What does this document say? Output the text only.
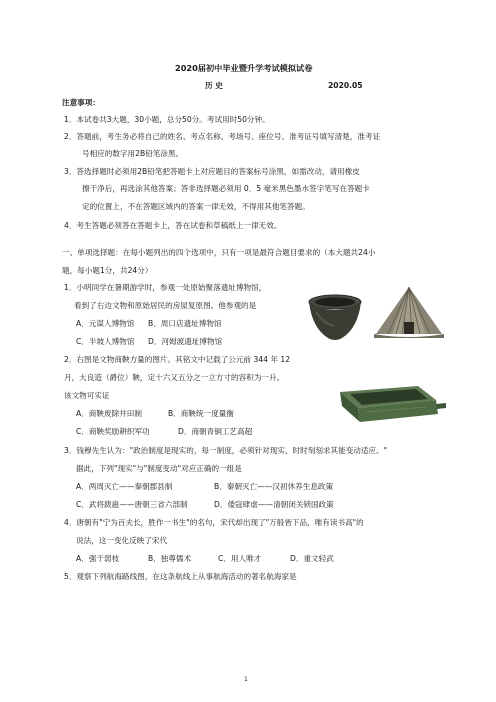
2020届初中毕业暨升学考试模拟试卷
历 史	2020.05
注意事项：
1．本试卷共3大题，30小题，总分50分。考试用时50分钟。
2．答题前，考生务必将自己的姓名、考点名称、考场号、座位号、准考证号填写清楚，准考证
号相应的数字用2B铅笔涂黑。
3．答选择题时必须用2B铅笔把答题卡上对应题目的答案标号涂黑，如需改动，请用橡皮
擦干净后，再选涂其他答案；答非选择题必须用 0．5 毫米黑色墨水签字笔写在答题卡
定的位置上，不在答题区域内的答案一律无效，不得用其他笔答题。
4．考生答题必须答在答题卡上，答在试卷和草稿纸上一律无效。
一、单项选择题：在每小题列出的四个选项中，只有一项是最符合题目要求的（本大题共24小
题，每小题1分，共24分）
1．小明同学在暑期游学时，参观一处原始聚落遗址博物馆，
看到了右边文物和原始居民的房屋复原图。他参观的是
A．元谋人博物馆 B．周口店遗址博物馆
C．半坡人博物馆 D．河姆渡遗址博物馆
2．右图是文物商鞅方量的图片。其铭文中记载了公元前 344 年 12
月，大良造（爵位）鞅，定十六又五分之一立方寸的容积为一升。
该文物可实证
A．商鞅废除井田制	B．商鞅统一度量衡
C．商鞅奖励耕织军功	D．商朝青铜工艺高超
3．钱穆先生认为："政治制度是现实的，每一制度，必须针对现实，时时刻刻求其能变动适应。"
据此，下列"现实"与"制度变动"对应正确的一组是
A．两周灭亡——秦朝郡县制	B．秦朝灭亡——汉初休养生息政策
C．武将跋扈——唐朝三省六部制	D．倭寇肆虐——清朝闭关锁国政策
4．唐朝有"宁为百夫长，胜作一书生"的名句，宋代却出现了"万般皆下品，唯有读书高"的
说法，这一变化反映了宋代
A．强干弱枝	B．独尊儒术	C．用人唯才	D．重文轻武
5．观察下列航海路线图，在这条航线上从事航海活动的著名航海家是
1
